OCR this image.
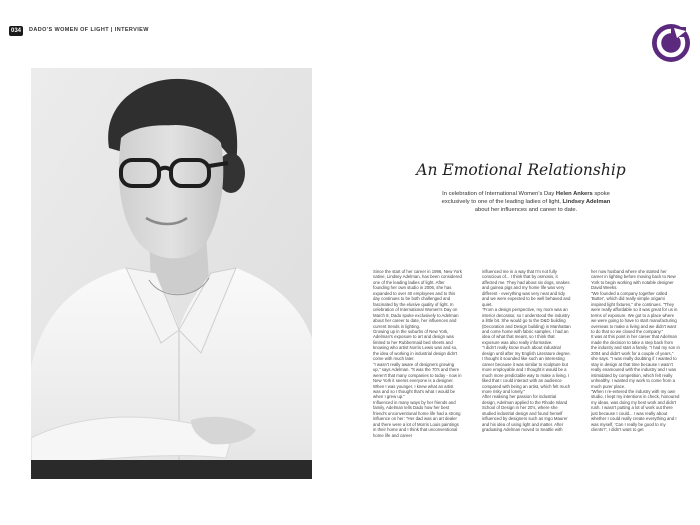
034	DADO'S WOMEN OF LIGHT | INTERVIEW
An Emotional Relationship
In celebration of International Women's Day Helen Ankers spoke exclusively to one of the leading ladies of light, Lindsey Adelman about her influences and career to date.

Since the start of her career in 1996, New York native, Lindsey Adelman, has been considered one of the leading ladies of light. After founding her own studio in 2006, she has expanded to over 40 employees and to this day continues to be both challenged and fascinated by the elusive quality of light. In celebration of International Women's Day on March 8, Dado spoke exclusively to Adelman about her career to date, her influences and current trends in lighting.

Growing up in the suburbs of New York, Adelman's exposure to art and design was limited to her Rubbermaid bed sheets and knowing who artist Norris Lewis was and so, the idea of working in industrial design didn't come with much later.

"I wasn't really aware of designers growing up," says Adelman. "It was the 70's and there weren't that many companies to today - now in New York it seems everyone is a designer. When I was younger, I knew what an artist was and so I thought that's what I would be when I grew up."

Influenced in many ways by her friends and family, Adelman tells Dado how her best friend's unconventional home life had a strong influence on her: "Her dad was an art dealer and there were a lot of Morris Louis paintings in their home and I think that unconventional home life and career

influenced me in a way that I'm not fully conscious of... I think that by osmosis, it affected me. They had about six dogs, snakes and guinea pigs and my home life was very different - everything was very neat and tidy and we were expected to be well behaved and quiet.

"From a design perspective, my mom was an interior decorator, so I understood the industry a little bit. She would go to the D&D building (Decoration and Design building) in Manhattan and come home with fabric samples. I had an idea of what that meant, so I think that exposure was also really informative.

"I didn't really know much about industrial design until after my English Literature degree. I thought it sounded like such an interesting career because it was similar to sculpture but more employable and I thought it would be a much more predictable way to make a living. I liked that I could interact with an audience compared with being an artist, which felt much more risky and lonely."

After realising her passion for industrial design, Adelman applied to the Rhode Island School of Design in her 20's, where she studied industrial design and found herself influenced by designers such as Ingo Maurer and his idea of using light and matter. After graduating Adelman moved to Seattle with

her now husband where she started her career in lighting before moving back to New York to begin working with notable designer David Weeks.

"We founded a company together called 'Butter', which did really simple origami inspired light fixtures," she continues. "They were really affordable so it was great for us in terms of exposure. We got to a place where we were going to have to start manufacturing overseas to make a living and we didn't want to do that so we closed the company."

It was at this point in her career that Adelman made the decision to take a step back from the industry and start a family. "I had my son in 2004 and didn't work for a couple of years," she says. "I was really doubting if I wanted to stay in design at that time because I wasn't really enamoured with the industry and I was intimidated by competition, which felt really unhealthy. I wanted my work to come from a much purer place.

"When I re-entered the industry with my own studio, I kept my intentions in check, honoured my ideas, was doing my best work and didn't rush. I wasn't putting a lot of work out there just because I could... I was really about whether I could really create everything and I was myself, 'Can I really be good to my clients?', I didn't want to get
